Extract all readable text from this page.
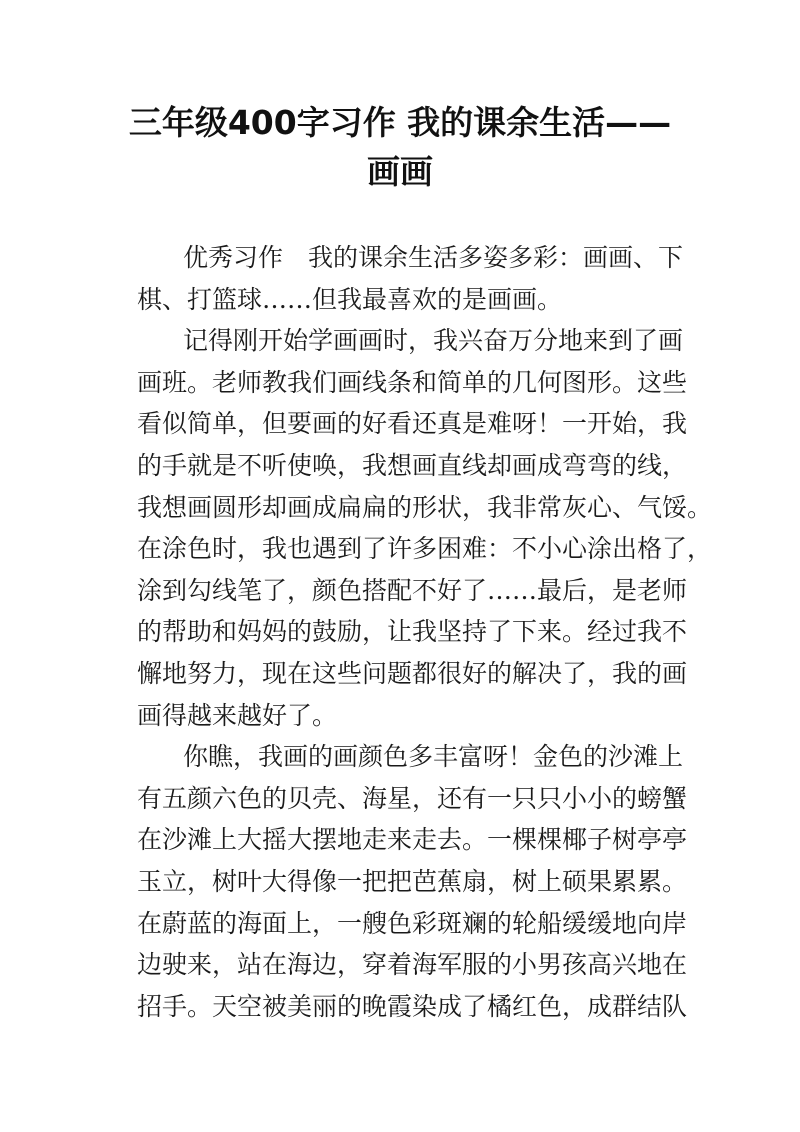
三年级400字习作 我的课余生活——
画画
优秀习作　我的课余生活多姿多彩：画画、下
棋、打篮球……但我最喜欢的是画画。
记得刚开始学画画时，我兴奋万分地来到了画
画班。老师教我们画线条和简单的几何图形。这些
看似简单，但要画的好看还真是难呀！一开始，我
的手就是不听使唤，我想画直线却画成弯弯的线，
我想画圆形却画成扁扁的形状，我非常灰心、气馁。
在涂色时，我也遇到了许多困难：不小心涂出格了，
涂到勾线笔了，颜色搭配不好了……最后，是老师
的帮助和妈妈的鼓励，让我坚持了下来。经过我不
懈地努力，现在这些问题都很好的解决了，我的画
画得越来越好了。
你瞧，我画的画颜色多丰富呀！金色的沙滩上
有五颜六色的贝壳、海星，还有一只只小小的螃蟹
在沙滩上大摇大摆地走来走去。一棵棵椰子树亭亭
玉立，树叶大得像一把把芭蕉扇，树上硕果累累。
在蔚蓝的海面上，一艘色彩斑斓的轮船缓缓地向岸
边驶来，站在海边，穿着海军服的小男孩高兴地在
招手。天空被美丽的晚霞染成了橘红色，成群结队
